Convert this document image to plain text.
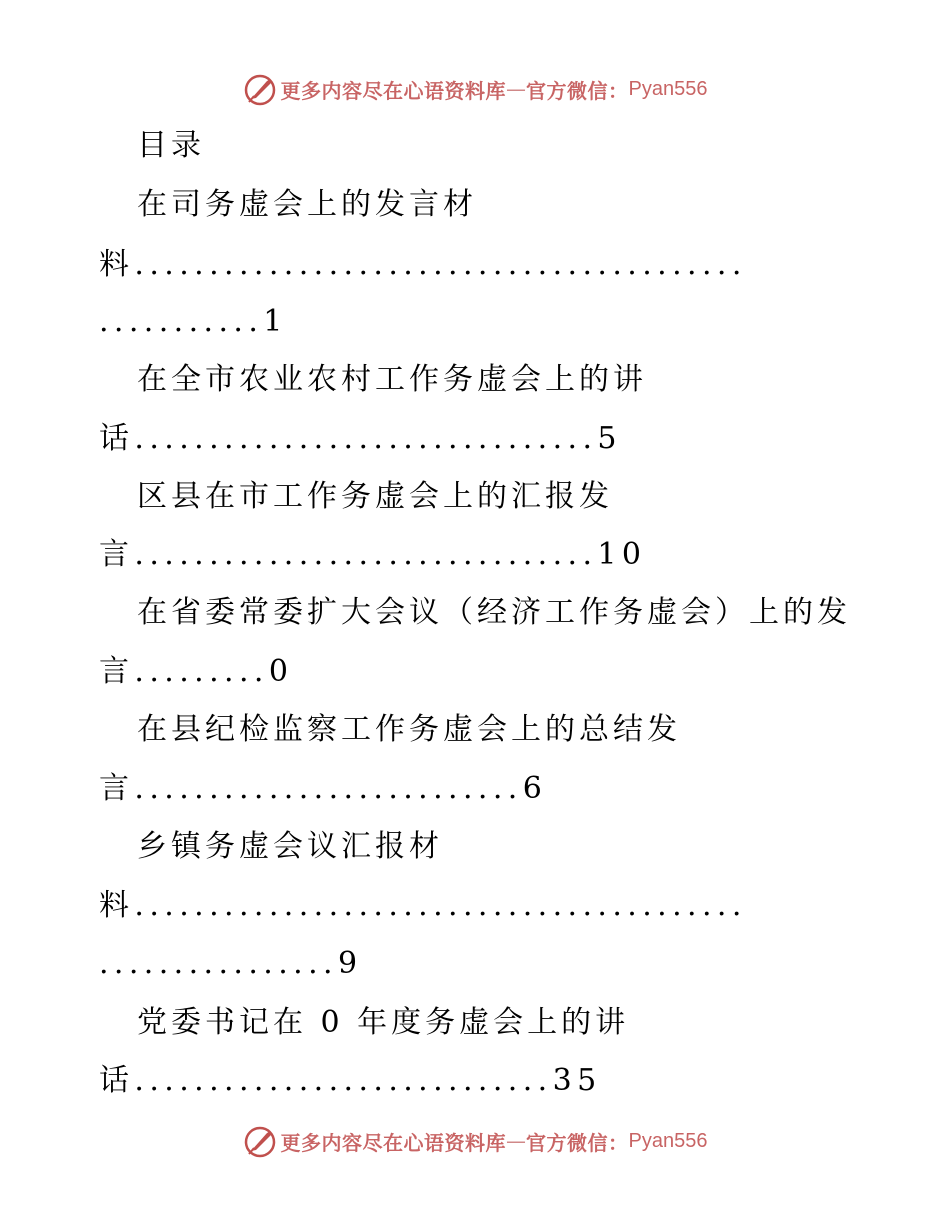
更多内容尽在心语资料库 — 官方微信： Pyan556
目录
在司务虚会上的发言材
料.........................................
...........1
在全市农业农村工作务虚会上的讲
话...............................5
区县在市工作务虚会上的汇报发
言...............................10
在省委常委扩大会议（经济工作务虚会）上的发
言.........0
在县纪检监察工作务虚会上的总结发
言..........................6
乡镇务虚会议汇报材
料.........................................
................9
党委书记在 0 年度务虚会上的讲
话............................35
更多内容尽在心语资料库 — 官方微信： Pyan556
